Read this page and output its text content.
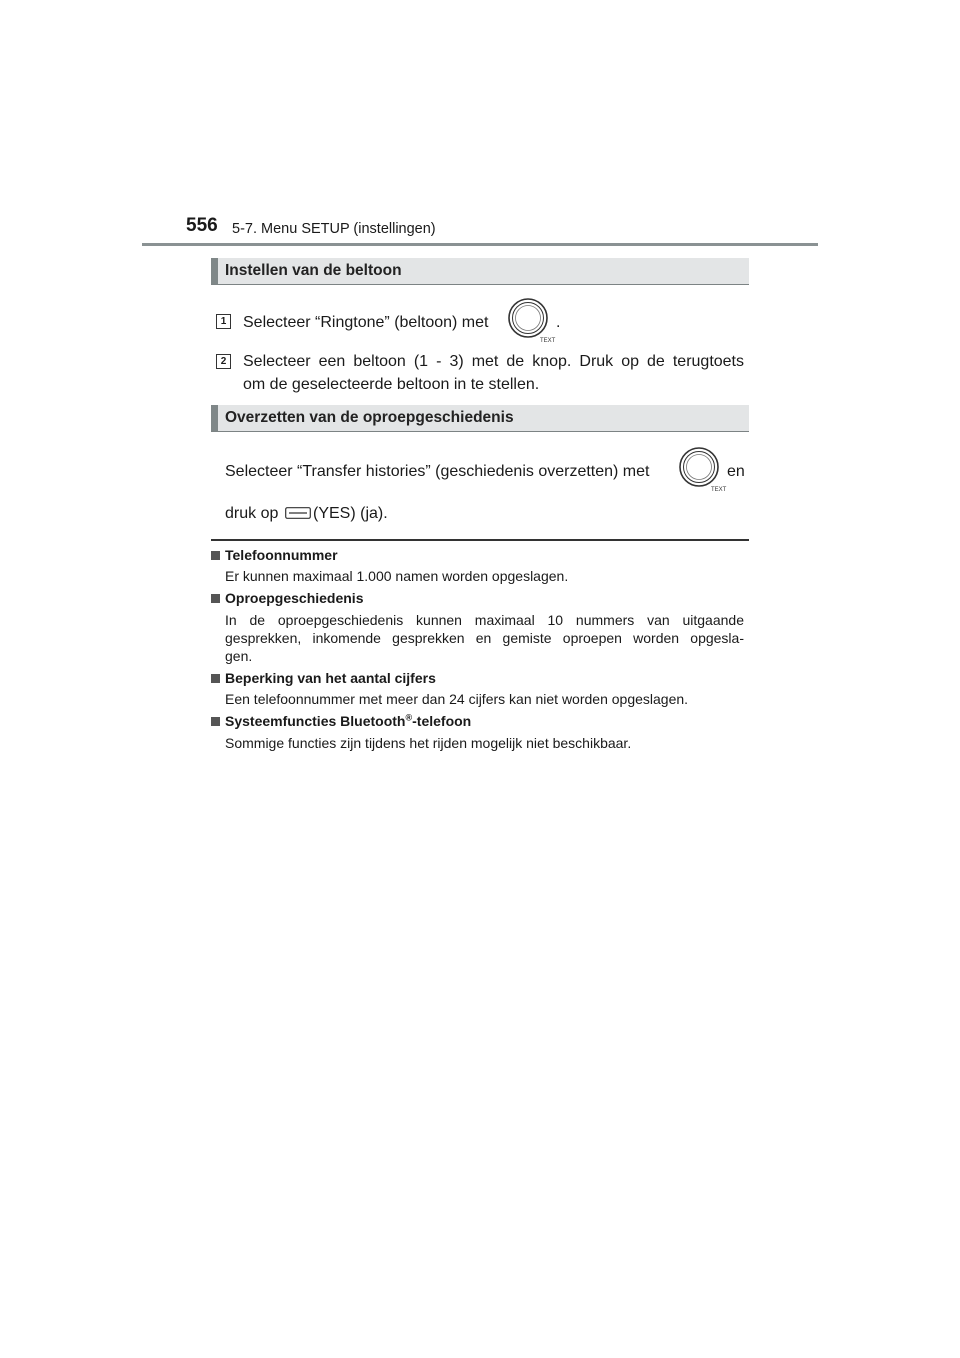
556 5-7. Menu SETUP (instellingen)
Instellen van de beltoon
1 Selecteer “Ringtone” (beltoon) met
TEXT
.
2 Selecteer een beltoon (1 - 3) met de knop. Druk op de terugtoets
om de geselecteerde beltoon in te stellen.
Overzetten van de oproepgeschiedenis
Selecteer “Transfer histories” (geschiedenis overzetten) met
TEXT
en
druk op (YES) (ja).
Telefoonnummer
Er kunnen maximaal 1.000 namen worden opgeslagen.
Oproepgeschiedenis
In de oproepgeschiedenis kunnen maximaal 10 nummers van uitgaande
gesprekken, inkomende gesprekken en gemiste oproepen worden opgesla-
gen.
Beperking van het aantal cijfers
Een telefoonnummer met meer dan 24 cijfers kan niet worden opgeslagen.
Systeemfuncties Bluetooth®-telefoon
Sommige functies zijn tijdens het rijden mogelijk niet beschikbaar.
